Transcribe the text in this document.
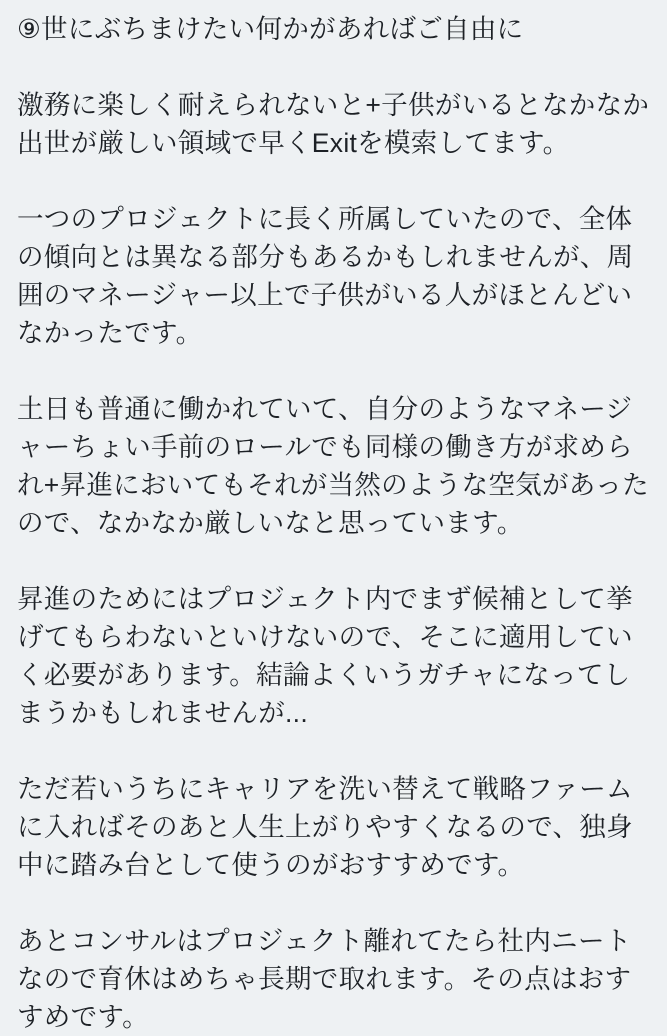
⑨世にぶちまけたい何かがあればご自由に

激務に楽しく耐えられないと+子供がいるとなかなか出世が厳しい領域で早くExitを模索してます。

一つのプロジェクトに長く所属していたので、全体の傾向とは異なる部分もあるかもしれませんが、周囲のマネージャー以上で子供がいる人がほとんどいなかったです。

土日も普通に働かれていて、自分のようなマネージャーちょい手前のロールでも同様の働き方が求められ+昇進においてもそれが当然のような空気があったので、なかなか厳しいなと思っています。

昇進のためにはプロジェクト内でまず候補として挙げてもらわないといけないので、そこに適用していく必要があります。結論よくいうガチャになってしまうかもしれませんが...

ただ若いうちにキャリアを洗い替えて戦略ファームに入ればそのあと人生上がりやすくなるので、独身中に踏み台として使うのがおすすめです。

あとコンサルはプロジェクト離れてたら社内ニートなので育休はめちゃ長期で取れます。その点はおすすめです。
